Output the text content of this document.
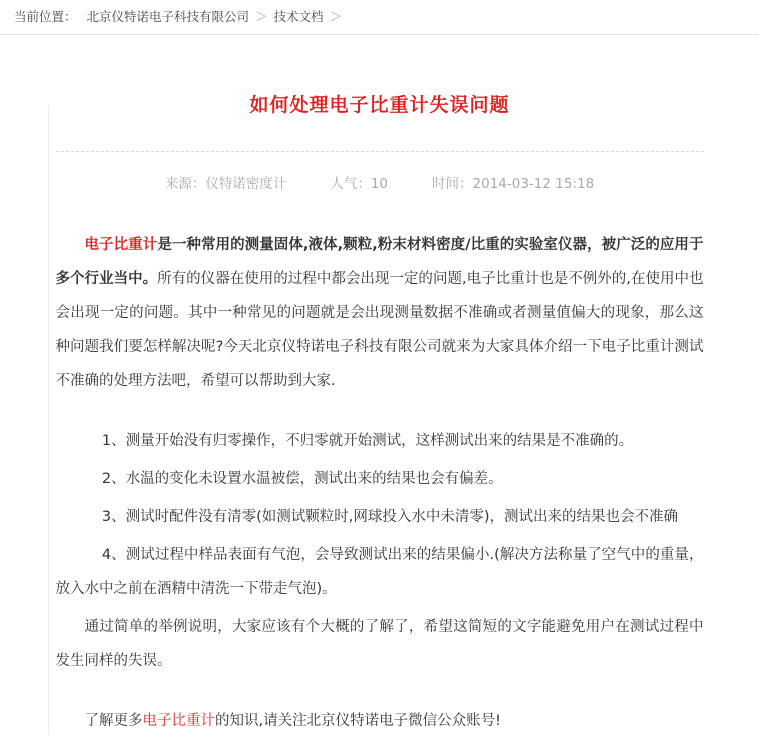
当前位置： 北京仪特诺电子科技有限公司 ＞ 技术文档 ＞
如何处理电子比重计失误问题
来源：仪特诺密度计	人气：10	时间：2014-03-12 15:18

电子比重计是一种常用的测量固体,液体,颗粒,粉末材料密度/比重的实验室仪器，被广泛的应用于多个行业当中。所有的仪器在使用的过程中都会出现一定的问题,电子比重计也是不例外的,在使用中也会出现一定的问题。其中一种常见的问题就是会出现测量数据不准确或者测量值偏大的现象，那么这种问题我们要怎样解决呢?今天北京仪特诺电子科技有限公司就来为大家具体介绍一下电子比重计测试不准确的处理方法吧，希望可以帮助到大家.

1、测量开始没有归零操作，不归零就开始测试，这样测试出来的结果是不准确的。

2、水温的变化未设置水温被偿，测试出来的结果也会有偏差。

3、测试时配件没有清零(如测试颗粒时,网球投入水中未清零)，测试出来的结果也会不准确

4、测试过程中样品表面有气泡，会导致测试出来的结果偏小.(解决方法称量了空气中的重量，放入水中之前在酒精中清洗一下带走气泡)。

通过简单的举例说明，大家应该有个大概的了解了，希望这简短的文字能避免用户在测试过程中发生同样的失误。

了解更多电子比重计的知识,请关注北京仪特诺电子微信公众账号!
